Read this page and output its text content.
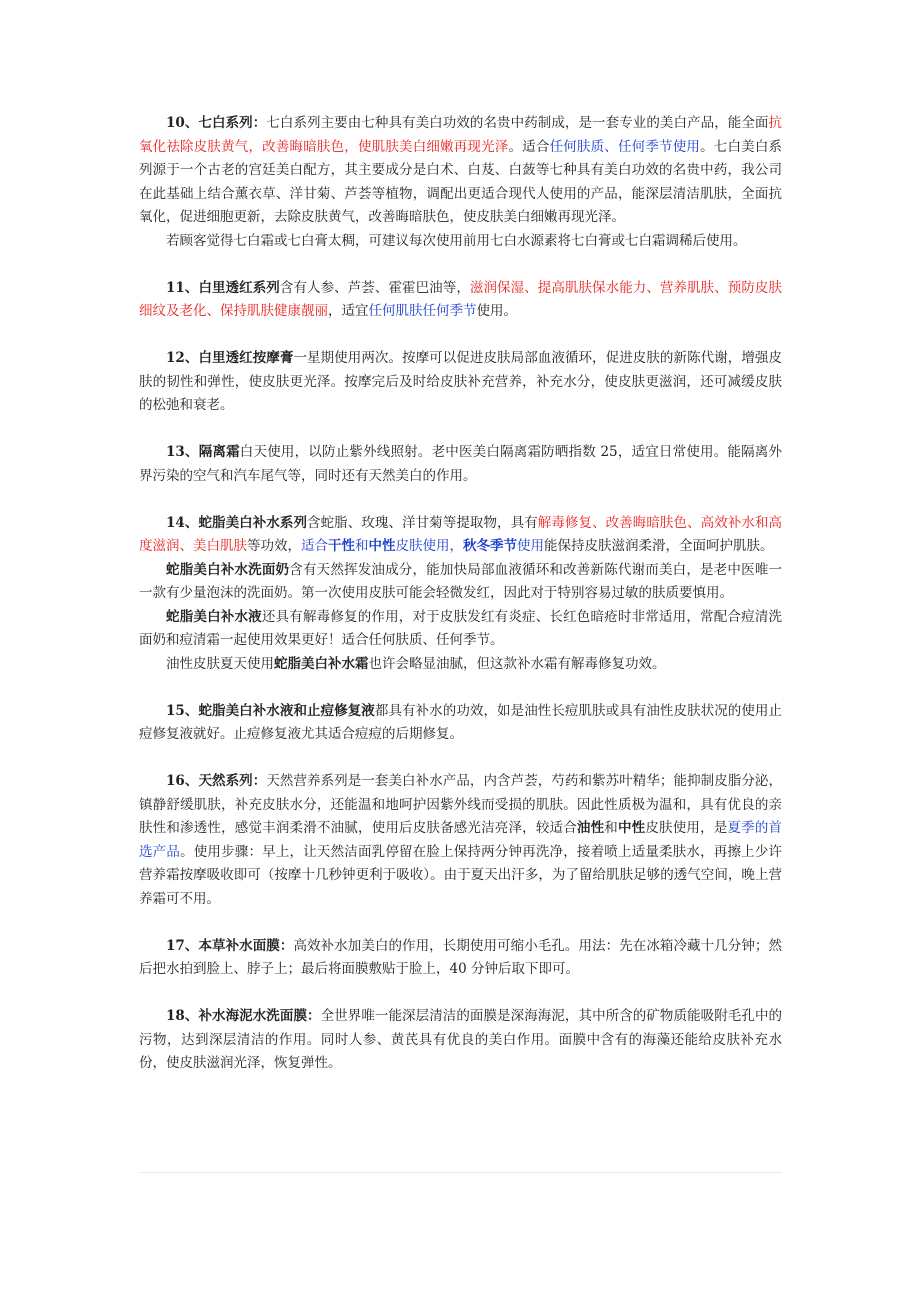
10、七白系列：七白系列主要由七种具有美白功效的名贵中药制成，是一套专业的美白产品，能全面抗氧化祛除皮肤黄气，改善晦暗肤色，使肌肤美白细嫩再现光泽。适合任何肤质、任何季节使用。七白美白系列源于一个古老的宫廷美白配方，其主要成分是白术、白芨、白蔹等七种具有美白功效的名贵中药，我公司在此基础上结合薰衣草、洋甘菊、芦荟等植物，调配出更适合现代人使用的产品，能深层清洁肌肤，全面抗氧化，促进细胞更新，去除皮肤黄气，改善晦暗肤色，使皮肤美白细嫩再现光泽。

若顾客觉得七白霜或七白膏太稠，可建议每次使用前用七白水源素将七白膏或七白霜调稀后使用。

11、白里透红系列含有人参、芦荟、霍霍巴油等，滋润保湿、提高肌肤保水能力、营养肌肤、预防皮肤细纹及老化、保持肌肤健康靓丽，适宜任何肌肤任何季节使用。

12、白里透红按摩膏一星期使用两次。按摩可以促进皮肤局部血液循环，促进皮肤的新陈代谢，增强皮肤的韧性和弹性，使皮肤更光泽。按摩完后及时给皮肤补充营养，补充水分，使皮肤更滋润，还可减缓皮肤的松弛和衰老。

13、隔离霜白天使用，以防止紫外线照射。老中医美白隔离霜防晒指数 25，适宜日常使用。能隔离外界污染的空气和汽车尾气等，同时还有天然美白的作用。

14、蛇脂美白补水系列含蛇脂、玫瑰、洋甘菊等提取物，具有解毒修复、改善晦暗肤色、高效补水和高度滋润、美白肌肤等功效，适合干性和中性皮肤使用，秋冬季节使用能保持皮肤滋润柔滑，全面呵护肌肤。

蛇脂美白补水洗面奶含有天然挥发油成分，能加快局部血液循环和改善新陈代谢而美白，是老中医唯一一款有少量泡沫的洗面奶。第一次使用皮肤可能会轻微发红，因此对于特别容易过敏的肤质要慎用。

蛇脂美白补水液还具有解毒修复的作用，对于皮肤发红有炎症、长红色暗疮时非常适用，常配合痘清洗面奶和痘清霜一起使用效果更好！适合任何肤质、任何季节。

油性皮肤夏天使用蛇脂美白补水霜也许会略显油腻，但这款补水霜有解毒修复功效。

15、蛇脂美白补水液和止痘修复液都具有补水的功效，如是油性长痘肌肤或具有油性皮肤状况的使用止痘修复液就好。止痘修复液尤其适合痘痘的后期修复。

16、天然系列：天然营养系列是一套美白补水产品，内含芦荟，芍药和紫苏叶精华；能抑制皮脂分泌，镇静舒缓肌肤，补充皮肤水分，还能温和地呵护因紫外线而受损的肌肤。因此性质极为温和，具有优良的亲肤性和渗透性，感觉丰润柔滑不油腻，使用后皮肤备感光洁亮泽，较适合油性和中性皮肤使用，是夏季的首选产品。使用步骤：早上，让天然洁面乳停留在脸上保持两分钟再洗净，接着喷上适量柔肤水，再擦上少许营养霜按摩吸收即可（按摩十几秒钟更利于吸收）。由于夏天出汗多，为了留给肌肤足够的透气空间，晚上营养霜可不用。

17、本草补水面膜：高效补水加美白的作用，长期使用可缩小毛孔。用法：先在冰箱冷藏十几分钟；然后把水拍到脸上、脖子上；最后将面膜敷贴于脸上，40 分钟后取下即可。

18、补水海泥水洗面膜：全世界唯一能深层清洁的面膜是深海海泥，其中所含的矿物质能吸附毛孔中的污物，达到深层清洁的作用。同时人参、黄芪具有优良的美白作用。面膜中含有的海藻还能给皮肤补充水份，使皮肤滋润光泽，恢复弹性。
